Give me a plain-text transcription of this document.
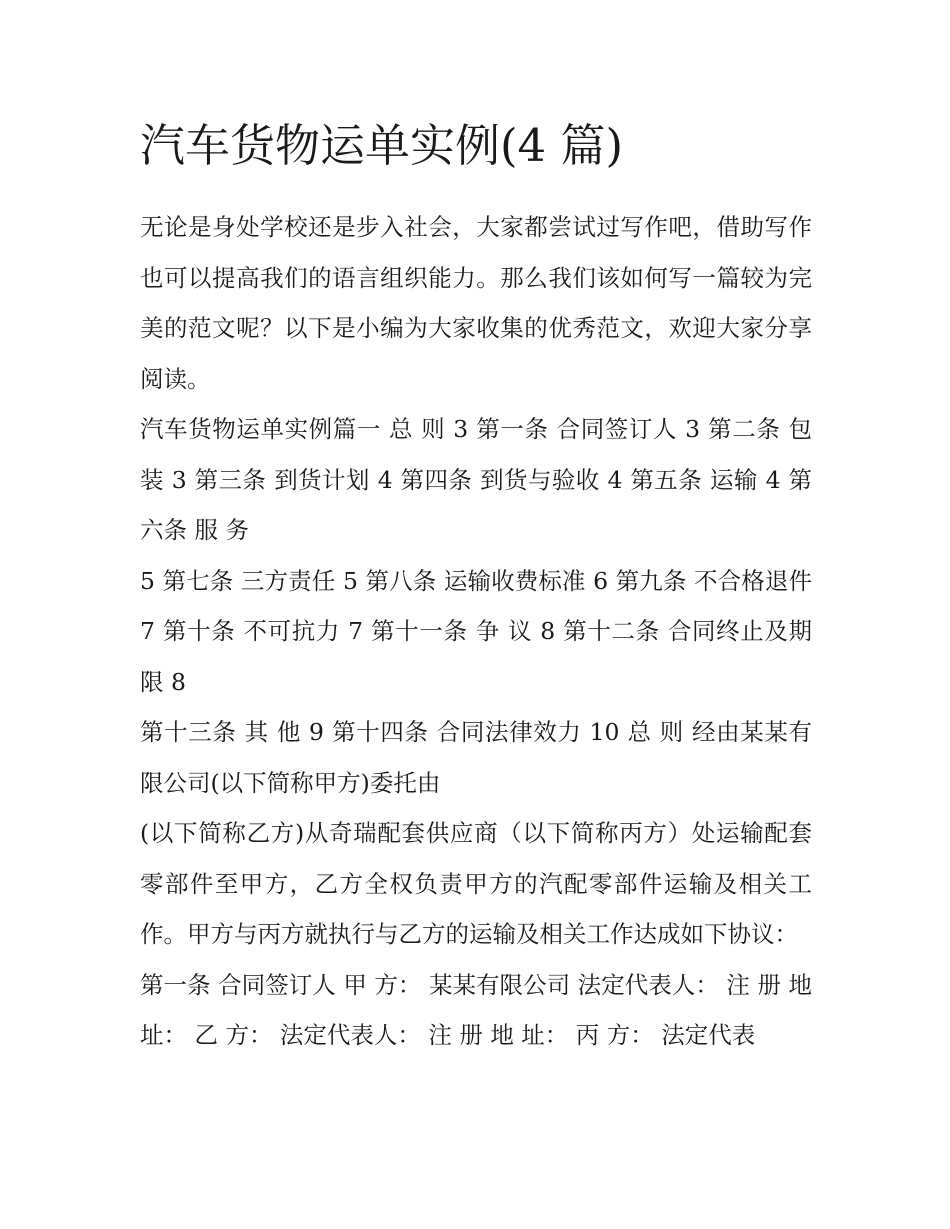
汽车货物运单实例(4 篇)

无论是身处学校还是步入社会，大家都尝试过写作吧，借助写作也可以提高我们的语言组织能力。那么我们该如何写一篇较为完美的范文呢？以下是小编为大家收集的优秀范文，欢迎大家分享阅读。

汽车货物运单实例篇一 总 则 3 第一条 合同签订人 3 第二条 包装 3 第三条 到货计划 4 第四条 到货与验收 4 第五条 运输 4 第六条 服 务

5 第七条 三方责任 5 第八条 运输收费标准 6 第九条 不合格退件 7 第十条 不可抗力 7 第十一条 争 议 8 第十二条 合同终止及期限 8

第十三条 其 他 9 第十四条 合同法律效力 10 总 则 经由某某有限公司(以下简称甲方)委托由

(以下简称乙方)从奇瑞配套供应商（以下简称丙方）处运输配套零部件至甲方，乙方全权负责甲方的汽配零部件运输及相关工作。甲方与丙方就执行与乙方的运输及相关工作达成如下协议：

第一条 合同签订人 甲 方： 某某有限公司 法定代表人： 注 册 地 址： 乙 方： 法定代表人： 注 册 地 址： 丙 方： 法定代表
